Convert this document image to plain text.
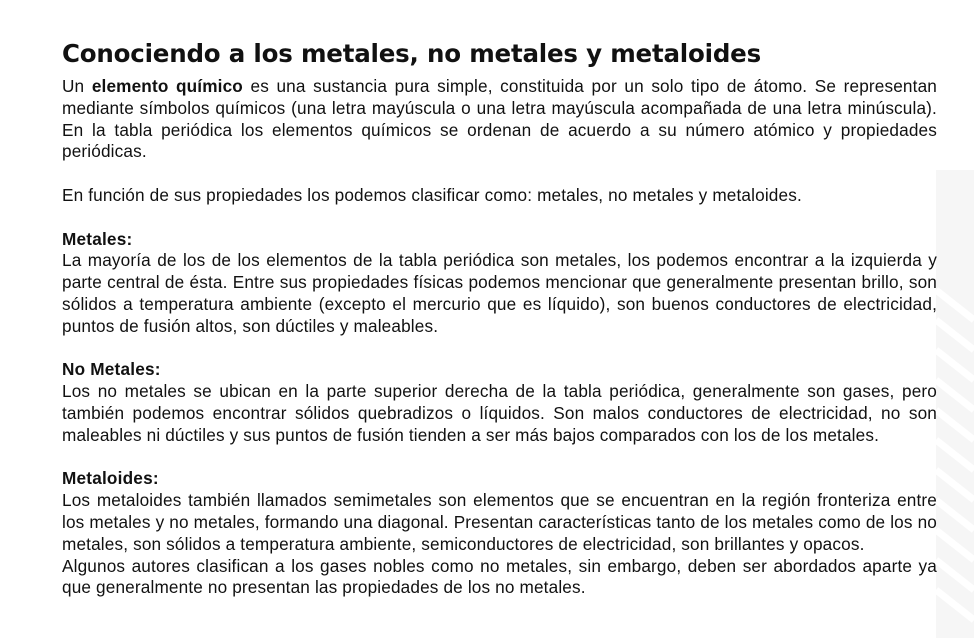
Conociendo a los metales, no metales y metaloides

Un elemento químico es una sustancia pura simple, constituida por un solo tipo de átomo. Se representan mediante símbolos químicos (una letra mayúscula o una letra mayúscula acompañada de una letra minúscula). En la tabla periódica los elementos químicos se ordenan de acuerdo a su número atómico y propiedades periódicas.

En función de sus propiedades los podemos clasificar como: metales, no metales y metaloides.

Metales:

La mayoría de los de los elementos de la tabla periódica son metales, los podemos encontrar a la izquierda y parte central de ésta. Entre sus propiedades físicas podemos mencionar que generalmente presentan brillo, son sólidos a temperatura ambiente (excepto el mercurio que es líquido), son buenos conductores de electricidad, puntos de fusión altos, son dúctiles y maleables.

No Metales:

Los no metales se ubican en la parte superior derecha de la tabla periódica, generalmente son gases, pero también podemos encontrar sólidos quebradizos o líquidos. Son malos conductores de electricidad, no son maleables ni dúctiles y sus puntos de fusión tienden a ser más bajos comparados con los de los metales.

Metaloides:

Los metaloides también llamados semimetales son elementos que se encuentran en la región fronteriza entre los metales y no metales, formando una diagonal. Presentan características tanto de los metales como de los no metales, son sólidos a temperatura ambiente, semiconductores de electricidad, son brillantes y opacos.

Algunos autores clasifican a los gases nobles como no metales, sin embargo, deben ser abordados aparte ya que generalmente no presentan las propiedades de los no metales.
